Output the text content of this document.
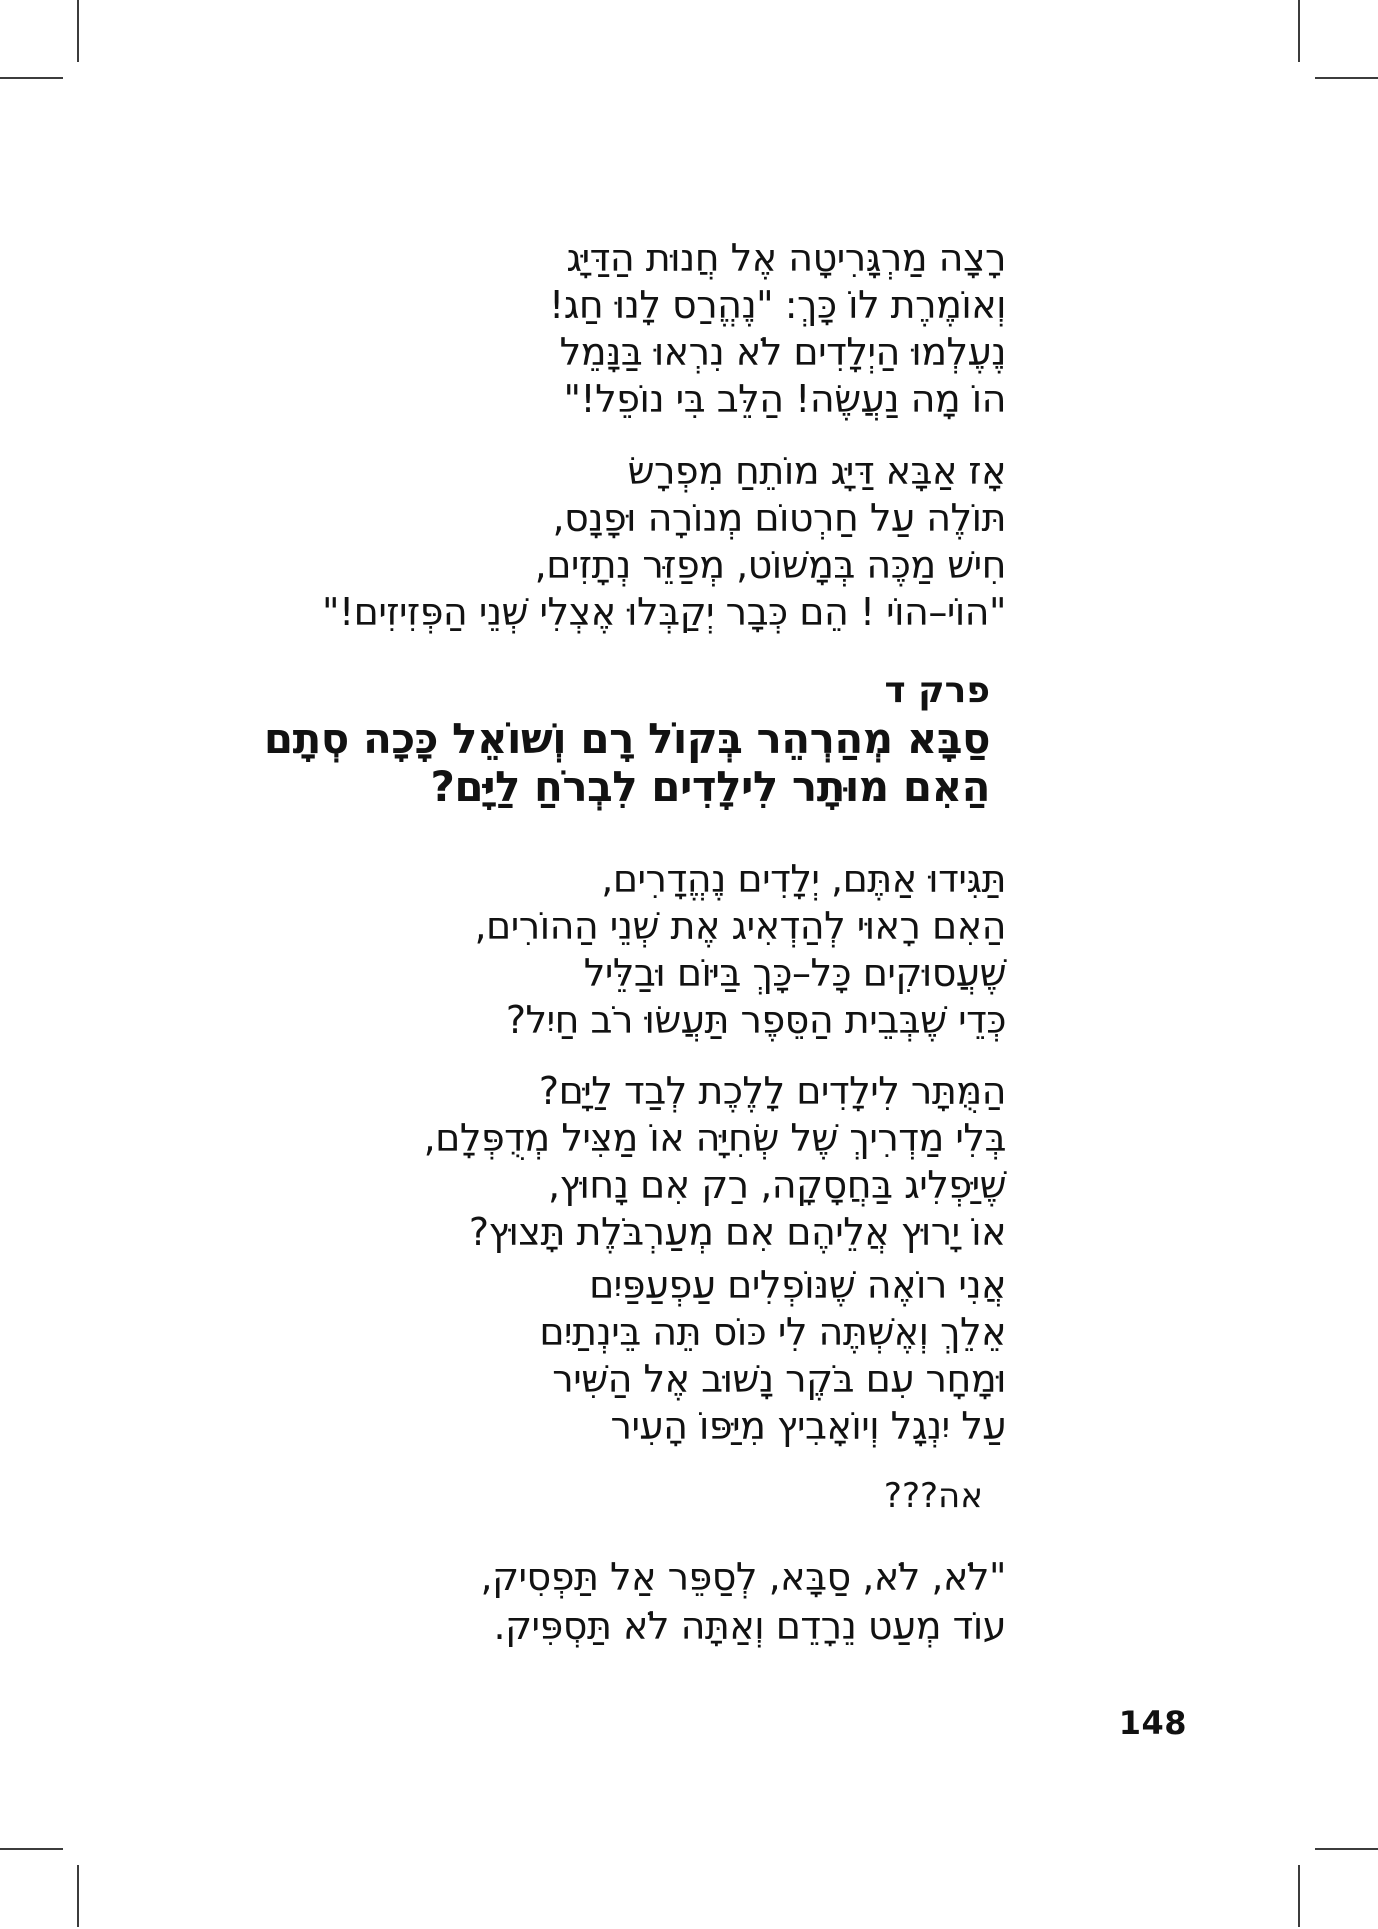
רָצָה מַרְגָּרִיטָה אֶל חֲנוּת הַדַּיָּג
וְאוֹמֶרֶת לוֹ כָּךְ: "נֶהֱרַס לָנוּ חַג!
נֶעֶלְמוּ הַיְלָדִים לֹא נִרְאוּ בַּנָּמֵל
הוֹ מָה נַעֲשֶׂה! הַלֵּב בִּי נוֹפֵל!"
אָז אַבָּא דַּיָּג מוֹתֵחַ מִפְרָשׂ
תּוֹלֶה עַל חַרְטוֹם מְנוֹרָה וּפָנָס,
חִישׁ מַכֶּה בְּמָשׁוֹט, מְפַזֵּר נְתָזִים,
"הוֹי–הוֹי ! הֵם כְּבָר יְקַבְּלוּ אֶצְלִי שְׁנֵי הַפְּזִיזִים!"
פרק ד
סַבָּא מְהַרְהֵר בְּקוֹל רָם וְשׁוֹאֵל כָּכָה סְתָם
הַאִם מוּתָר לִילָדִים לִבְרֹחַ לַיָּם?
תַּגִּידוּ אַתֶּם, יְלָדִים נֶהֱדָרִים,
הַאִם רָאוּי לְהַדְאִיג אֶת שְׁנֵי הַהוֹרִים,
שֶׁעֲסוּקִים כָּל–כָּךְ בַּיּוֹם וּבַלֵּיל
כְּדֵי שֶׁבְּבֵית הַסֵּפֶר תַּעֲשׂוּ רֹב חַיִל?
הַמֻּתָּר לִילָדִים לָלֶכֶת לְבַד לַיָּם?
בְּלִי מַדְרִיךְ שֶׁל שְׂחִיָּה אוֹ מַצִּיל מְדֻפְּלָם,
שֶׁיַּפְלִיג בַּחֲסָקָה, רַק אִם נָחוּץ,
אוֹ יָרוּץ אֲלֵיהֶם אִם מְעַרְבֹּלֶת תָּצוּץ?
אֲנִי רוֹאֶה שֶׁנּוֹפְלִים עַפְעַפַּיִם
אֵלֵךְ וְאֶשְׁתֶּה לִי כּוֹס תֵּה בֵּינְתַיִם
וּמָחָר עִם בֹּקֶר נָשׁוּב אֶל הַשִּׁיר
עַל יִנְגָל וְיוֹאָבִיץ מִיַּפּוֹ הָעִיר
אה???
"לֹא, לֹא, סַבָּא, לְסַפֵּר אַל תַּפְסִיק,
עוֹד מְעַט נֵרָדֵם וְאַתָּה לֹא תַּסְפִּיק.
148
